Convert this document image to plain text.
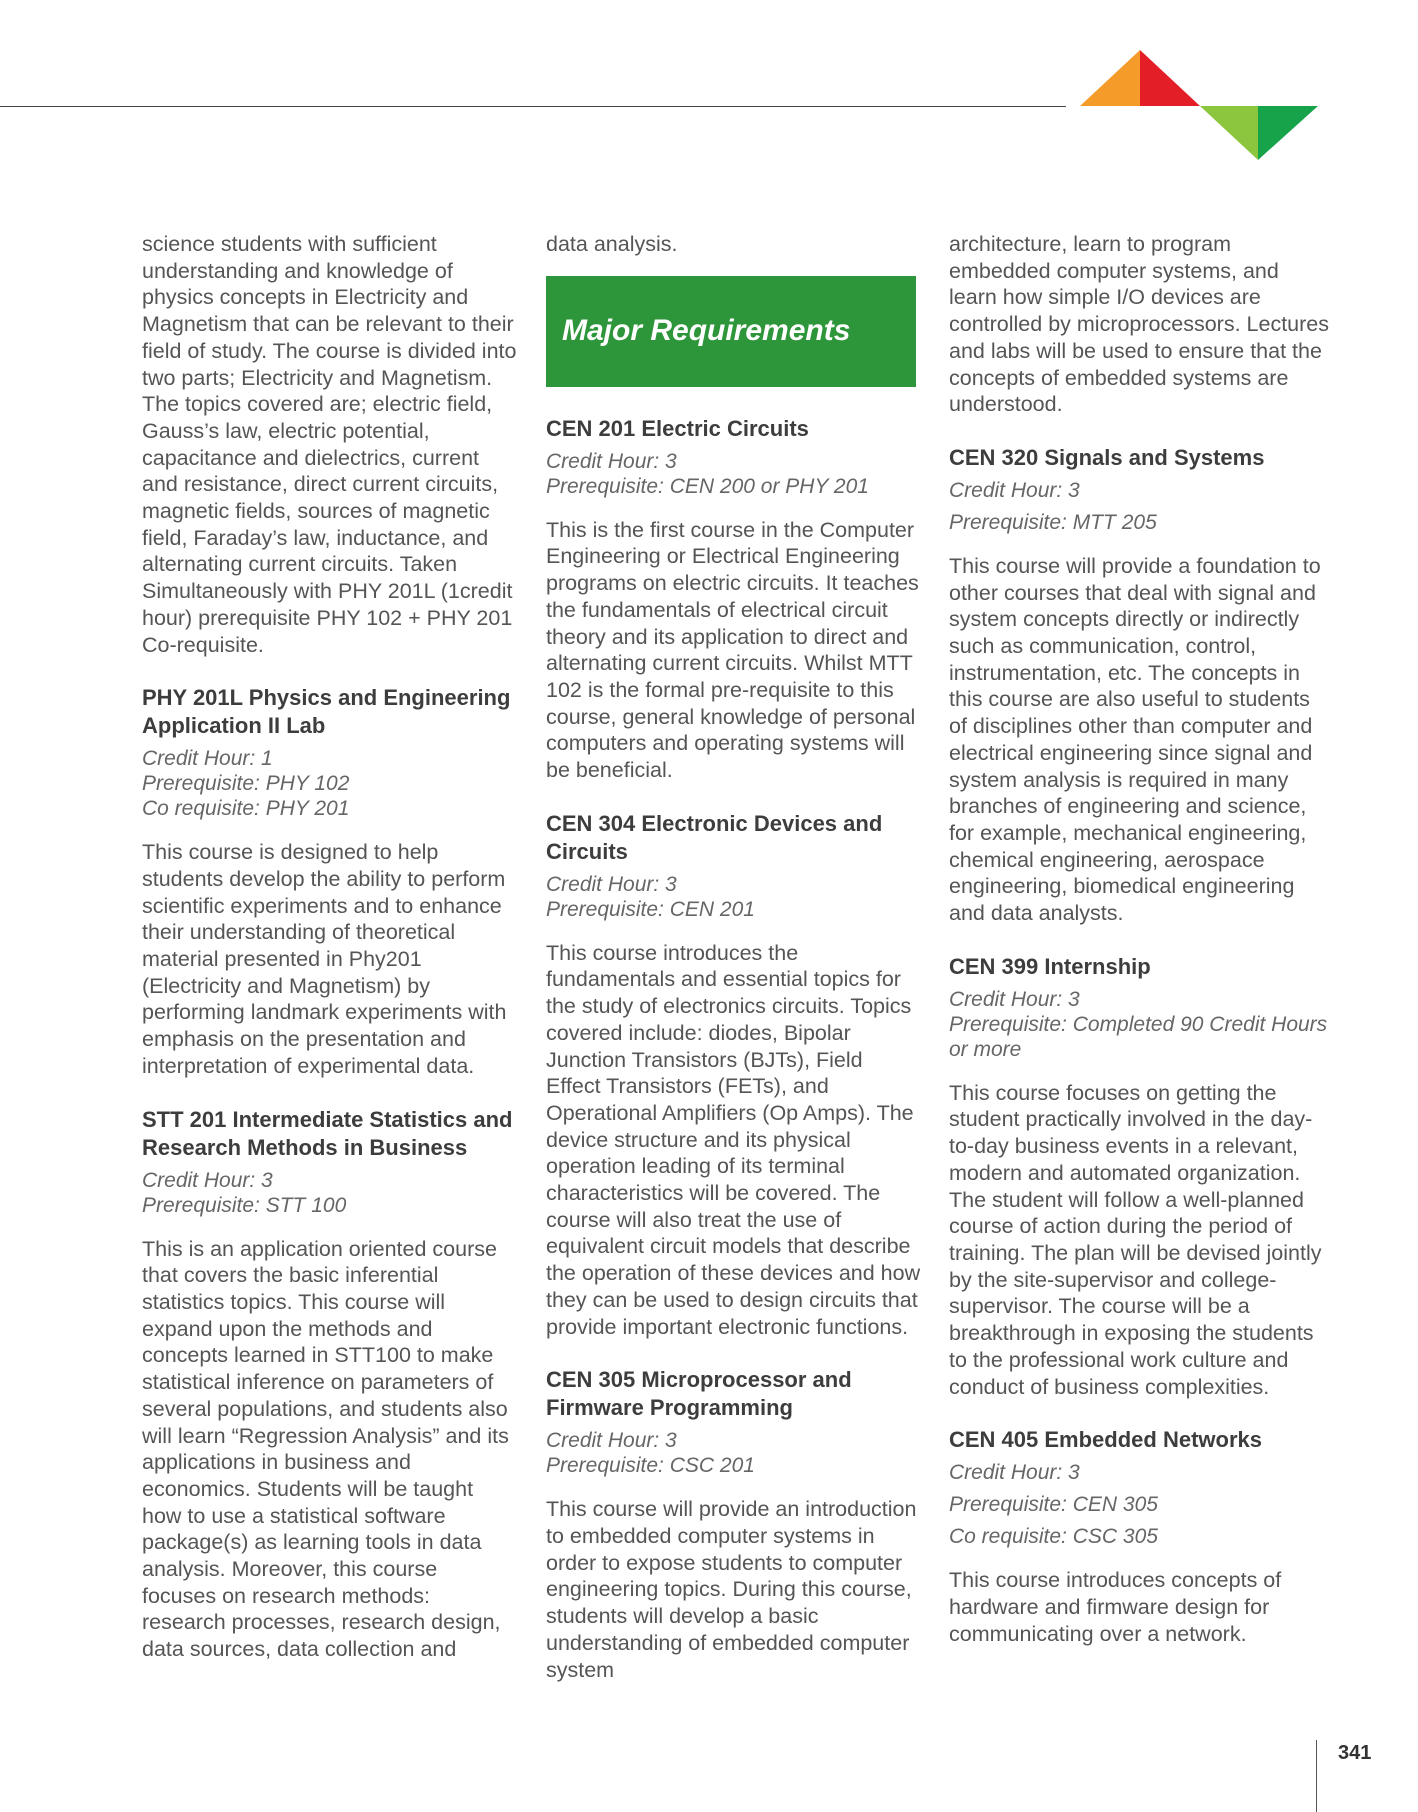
science students with sufficient understanding and knowledge of physics concepts in Electricity and Magnetism that can be relevant to their field of study. The course is divided into two parts; Electricity and Magnetism. The topics covered are; electric field, Gauss’s law, electric potential, capacitance and dielectrics, current and resistance, direct current circuits, magnetic fields, sources of magnetic field, Faraday’s law, inductance, and alternating current circuits. Taken Simultaneously with PHY 201L (1credit hour) prerequisite PHY 102 + PHY 201 Co-requisite.

PHY 201L Physics and Engineering Application II Lab
Credit Hour: 1
Prerequisite: PHY 102
Co requisite: PHY 201

This course is designed to help students develop the ability to perform scientific experiments and to enhance their understanding of theoretical material presented in Phy201 (Electricity and Magnetism) by performing landmark experiments with emphasis on the presentation and interpretation of experimental data.

STT 201 Intermediate Statistics and Research Methods in Business
Credit Hour: 3
Prerequisite: STT 100

This is an application oriented course that covers the basic inferential statistics topics. This course will expand upon the methods and concepts learned in STT100 to make statistical inference on parameters of several populations, and students also will learn “Regression Analysis” and its applications in business and economics. Students will be taught how to use a statistical software package(s) as learning tools in data analysis. Moreover, this course focuses on research methods: research processes, research design, data sources, data collection and

data analysis.

Major Requirements
CEN 201 Electric Circuits
Credit Hour: 3
Prerequisite: CEN 200 or PHY 201

This is the first course in the Computer Engineering or Electrical Engineering programs on electric circuits. It teaches the fundamentals of electrical circuit theory and its application to direct and alternating current circuits. Whilst MTT 102 is the formal pre-requisite to this course, general knowledge of personal computers and operating systems will be beneficial.

CEN 304 Electronic Devices and Circuits
Credit Hour: 3
Prerequisite: CEN 201

This course introduces the fundamentals and essential topics for the study of electronics circuits. Topics covered include: diodes, Bipolar Junction Transistors (BJTs), Field Effect Transistors (FETs), and Operational Amplifiers (Op Amps). The device structure and its physical operation leading of its terminal characteristics will be covered. The course will also treat the use of equivalent circuit models that describe the operation of these devices and how they can be used to design circuits that provide important electronic functions.

CEN 305 Microprocessor and Firmware Programming
Credit Hour: 3
Prerequisite: CSC 201

This course will provide an introduction to embedded computer systems in order to expose students to computer engineering topics. During this course, students will develop a basic understanding of embedded computer system

architecture, learn to program embedded computer systems, and learn how simple I/O devices are controlled by microprocessors. Lectures and labs will be used to ensure that the concepts of embedded systems are understood.

CEN 320 Signals and Systems
Credit Hour: 3
Prerequisite: MTT 205

This course will provide a foundation to other courses that deal with signal and system concepts directly or indirectly such as communication, control, instrumentation, etc. The concepts in this course are also useful to students of disciplines other than computer and electrical engineering since signal and system analysis is required in many branches of engineering and science, for example, mechanical engineering, chemical engineering, aerospace engineering, biomedical engineering and data analysts.

CEN 399 Internship
Credit Hour: 3
Prerequisite: Completed 90 Credit Hours or more

This course focuses on getting the student practically involved in the day-to-day business events in a relevant, modern and automated organization. The student will follow a well-planned course of action during the period of training. The plan will be devised jointly by the site-supervisor and college-supervisor. The course will be a breakthrough in exposing the students to the professional work culture and conduct of business complexities.

CEN 405 Embedded Networks
Credit Hour: 3
Prerequisite: CEN 305
Co requisite: CSC 305

This course introduces concepts of hardware and firmware design for communicating over a network.

341
